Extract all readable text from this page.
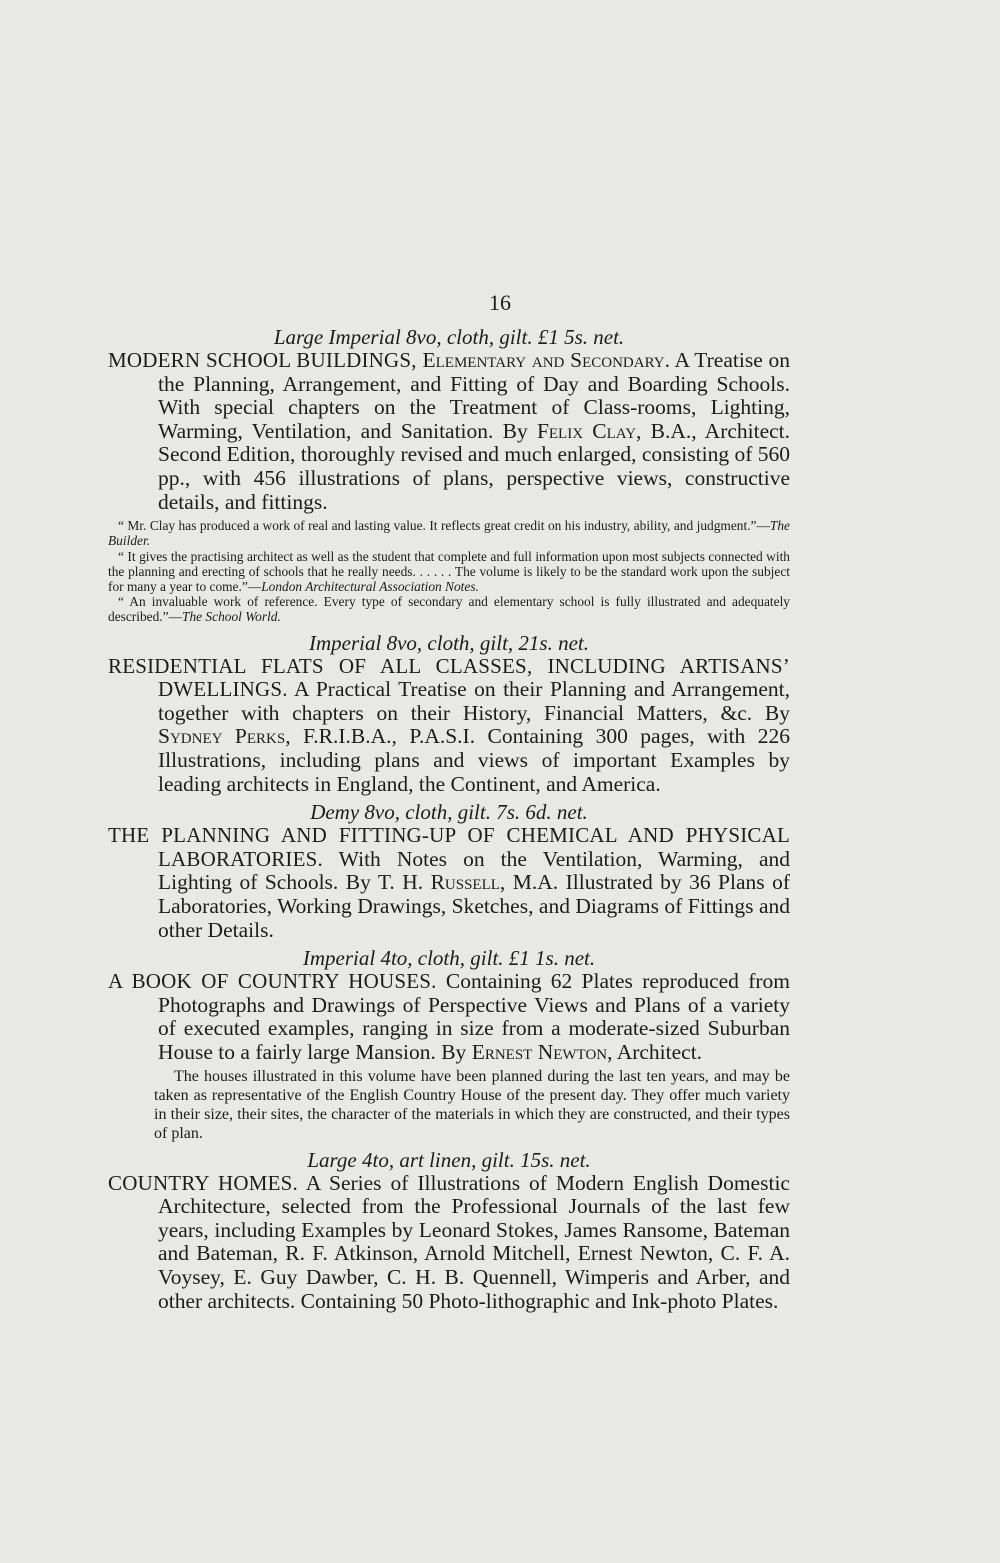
16

Large Imperial 8vo, cloth, gilt. £1 5s. net.

MODERN SCHOOL BUILDINGS, Elementary and Secondary. A Treatise on the Planning, Arrangement, and Fitting of Day and Boarding Schools. With special chapters on the Treatment of Class-rooms, Lighting, Warming, Ventilation, and Sanitation. By Felix Clay, B.A., Architect. Second Edition, thoroughly revised and much enlarged, consisting of 560 pp., with 456 illustrations of plans, perspective views, constructive details, and fittings.

“ Mr. Clay has produced a work of real and lasting value. It reflects great credit on his industry, ability, and judgment.”—The Builder.

“ It gives the practising architect as well as the student that complete and full information upon most subjects connected with the planning and erecting of schools that he really needs. . . . . . The volume is likely to be the standard work upon the subject for many a year to come.”—London Architectural Association Notes.

“ An invaluable work of reference. Every type of secondary and elementary school is fully illustrated and adequately described.”—The School World.

Imperial 8vo, cloth, gilt, 21s. net.

RESIDENTIAL FLATS OF ALL CLASSES, INCLUDING ARTISANS’ DWELLINGS. A Practical Treatise on their Planning and Arrangement, together with chapters on their History, Financial Matters, &c. By Sydney Perks, F.R.I.B.A., P.A.S.I. Containing 300 pages, with 226 Illustrations, including plans and views of important Examples by leading architects in England, the Continent, and America.

Demy 8vo, cloth, gilt. 7s. 6d. net.

THE PLANNING AND FITTING-UP OF CHEMICAL AND PHYSICAL LABORATORIES. With Notes on the Ventilation, Warming, and Lighting of Schools. By T. H. Russell, M.A. Illustrated by 36 Plans of Laboratories, Working Drawings, Sketches, and Diagrams of Fittings and other Details.

Imperial 4to, cloth, gilt. £1 1s. net.

A BOOK OF COUNTRY HOUSES. Containing 62 Plates reproduced from Photographs and Drawings of Perspective Views and Plans of a variety of executed examples, ranging in size from a moderate-sized Suburban House to a fairly large Mansion. By Ernest Newton, Architect.

The houses illustrated in this volume have been planned during the last ten years, and may be taken as representative of the English Country House of the present day. They offer much variety in their size, their sites, the character of the materials in which they are constructed, and their types of plan.

Large 4to, art linen, gilt. 15s. net.

COUNTRY HOMES. A Series of Illustrations of Modern English Domestic Architecture, selected from the Professional Journals of the last few years, including Examples by Leonard Stokes, James Ransome, Bateman and Bateman, R. F. Atkinson, Arnold Mitchell, Ernest Newton, C. F. A. Voysey, E. Guy Dawber, C. H. B. Quennell, Wimperis and Arber, and other architects. Containing 50 Photo-lithographic and Ink-photo Plates.
